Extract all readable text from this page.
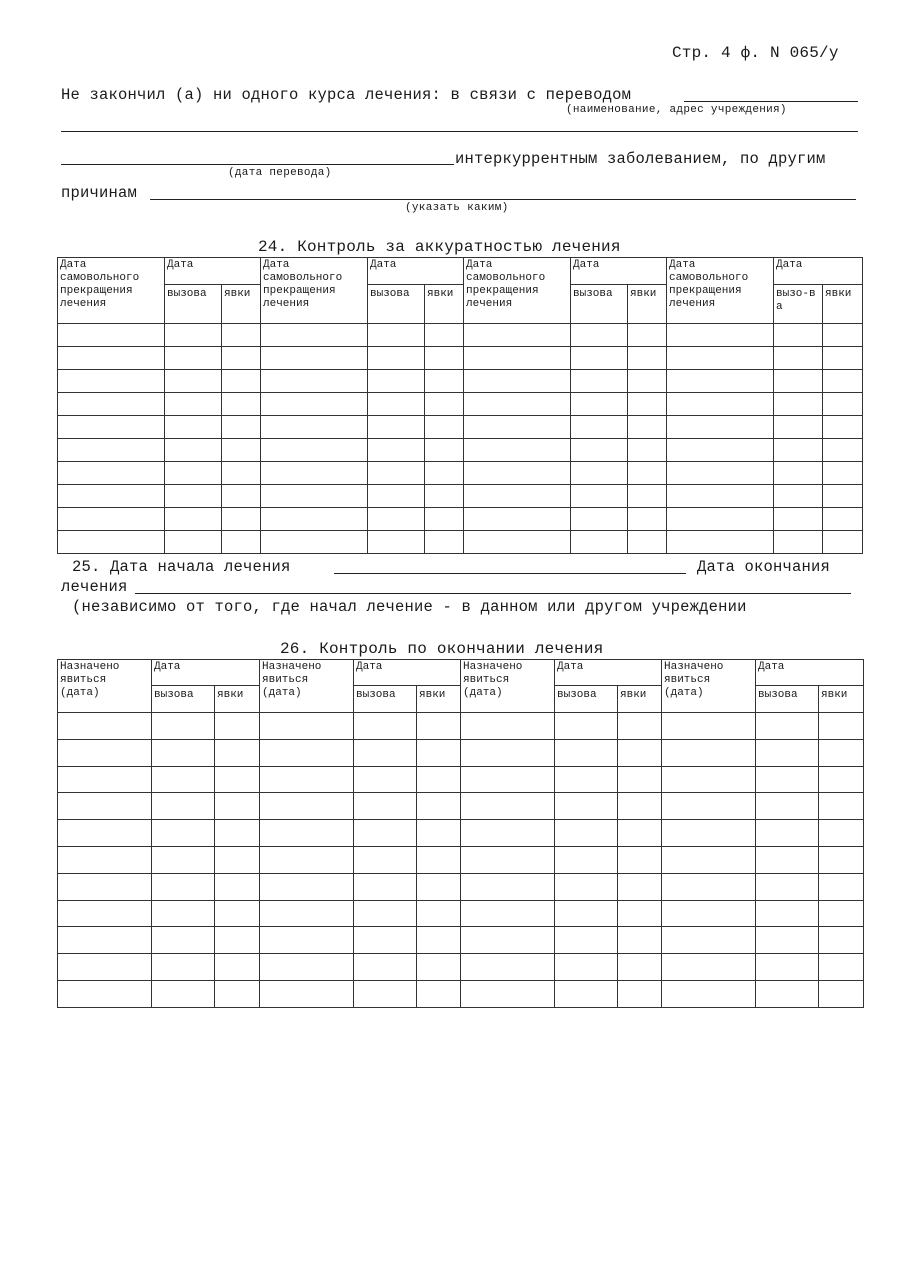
Стр. 4 ф. N 065/у
Не закончил (а) ни одного курса лечения: в связи с переводом
(наименование, адрес учреждения)
интеркуррентным заболеванием, по другим
(дата перевода)
причинам
(указать каким)
24. Контроль за аккуратностью лечения
Дата самовольного прекращения лечения	Дата		Дата самовольного прекращения лечения	Дата		Дата самовольного прекращения лечения	Дата		Дата самовольного прекращения лечения	Дата	
	вызова	явки		вызова	явки		вызова	явки		вызо-ва	явки

25. Дата начала лечения	Дата окончания
лечения
(независимо от того, где начал лечение - в данном или другом учреждении
26. Контроль по окончании лечения
Назначено явиться (дата)	Дата		Назначено явиться (дата)	Дата		Назначено явиться (дата)	Дата		Назначено явиться (дата)	Дата	
	вызова	явки		вызова	явки		вызова	явки		вызова	явки
